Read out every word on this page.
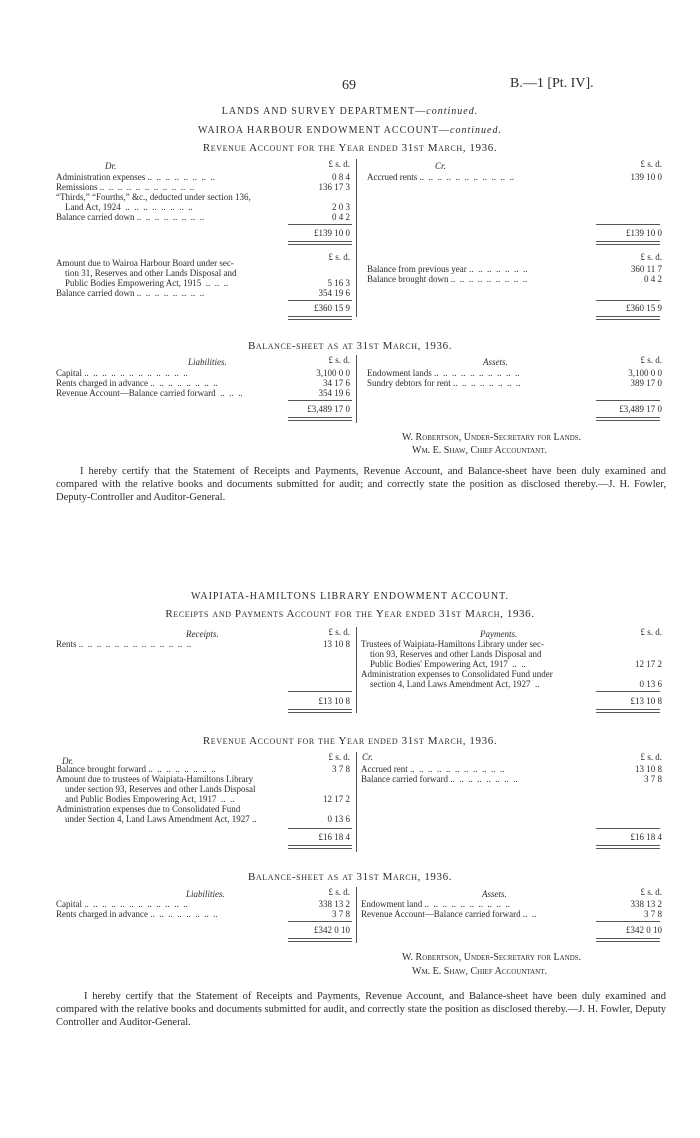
69	B.—1 [Pt. IV].
LANDS AND SURVEY DEPARTMENT—continued.
WAIROA HARBOUR ENDOWMENT ACCOUNT—continued.
Revenue Account for the Year ended 31st March, 1936.
Dr.	Cr.
£ s. d.	£ s. d.
Administration expenses ..  ..  ..  ..  ..  ..  ..  ..	0 8 4
Remissions ..  ..  ..  ..  ..  ..  ..  ..  ..  ..  ..	136 17 3
“Thirds,” “Fourths,” &c., deducted under section 136,
Land Act, 1924  ..  ..  ..  ..  ..  ..  ..  ..	2 0 3
Balance carried down ..  ..  ..  ..  ..  ..  ..  ..	0 4 2
Accrued rents ..  ..  ..  ..  ..  ..  ..  ..  ..  ..  ..	139 10 0
£139 10 0	£139 10 0
£ s. d.	£ s. d.
Amount due to Wairoa Harbour Board under sec-
tion 31, Reserves and other Lands Disposal and
Public Bodies Empowering Act, 1915  ..  ..  ..	5 16 3
Balance carried down ..  ..  ..  ..  ..  ..  ..  ..	354 19 6
Balance from previous year ..  ..  ..  ..  ..  ..  ..	360 11 7
Balance brought down ..  ..  ..  ..  ..  ..  ..  ..  ..	0 4 2
£360 15 9	£360 15 9
Balance-sheet as at 31st March, 1936.
Liabilities.	Assets.
£ s. d.	£ s. d.
Capital ..  ..  ..  ..  ..  ..  ..  ..  ..  ..  ..  ..	3,100 0 0
Rents charged in advance ..  ..  ..  ..  ..  ..  ..  ..	34 17 6
Revenue Account—Balance carried forward  ..  ..  ..	354 19 6
Endowment lands ..  ..  ..  ..  ..  ..  ..  ..  ..  ..	3,100 0 0
Sundry debtors for rent ..  ..  ..  ..  ..  ..  ..  ..	389 17 0
£3,489 17 0	£3,489 17 0
W. Robertson, Under-Secretary for Lands.
Wm. E. Shaw, Chief Accountant.
I hereby certify that the Statement of Receipts and Payments, Revenue Account, and Balance-sheet have been duly examined and compared with the relative books and documents submitted for audit; and correctly state the position as disclosed thereby.—J. H. Fowler, Deputy-Controller and Auditor-General.
WAIPIATA-HAMILTONS LIBRARY ENDOWMENT ACCOUNT.
Receipts and Payments Account for the Year ended 31st March, 1936.
Receipts.	Payments.
£ s. d.	£ s. d.
Rents ..  ..  ..  ..  ..  ..  ..  ..  ..  ..  ..  ..  ..	13 10 8 Trustees of Waipiata-Hamiltons Library under sec-
tion 93, Reserves and other Lands Disposal and
Public Bodies' Empowering Act, 1917  ..  ..	12 17 2
Administration expenses to Consolidated Fund under
section 4, Land Laws Amendment Act, 1927  ..	0 13 6
£13 10 8	£13 10 8
Revenue Account for the Year ended 31st March, 1936.
Dr.	Cr.
£ s. d.	£ s. d.
Balance brought forward ..  ..  ..  ..  ..  ..  ..  ..	3 7 8
Amount due to trustees of Waipiata-Hamiltons Library
under section 93, Reserves and other Lands Disposal
and Public Bodies Empowering Act, 1917  ..  ..	12 17 2
Administration expenses due to Consolidated Fund
under Section 4, Land Laws Amendment Act, 1927 ..	0 13 6
Accrued rent ..  ..  ..  ..  ..  ..  ..  ..  ..  ..  ..	13 10 8
Balance carried forward ..  ..  ..  ..  ..  ..  ..  ..	3 7 8
£16 18 4	£16 18 4
Balance-sheet as at 31st March, 1936.
Liabilities.	Assets.
£ s. d.	£ s. d.
Capital ..  ..  ..  ..  ..  ..  ..  ..  ..  ..  ..  ..	338 13 2
Rents charged in advance ..  ..  ..  ..  ..  ..  ..  ..	3 7 8
Endowment land ..  ..  ..  ..  ..  ..  ..  ..  ..  ..	338 13 2
Revenue Account—Balance carried forward ..  ..	3 7 8
£342 0 10	£342 0 10
W. Robertson, Under-Secretary for Lands.
Wm. E. Shaw, Chief Accountant.
I hereby certify that the Statement of Receipts and Payments, Revenue Account, and Balance-sheet have been duly examined and compared with the relative books and documents submitted for audit, and correctly state the position as disclosed thereby.—J. H. Fowler, Deputy Controller and Auditor-General.
